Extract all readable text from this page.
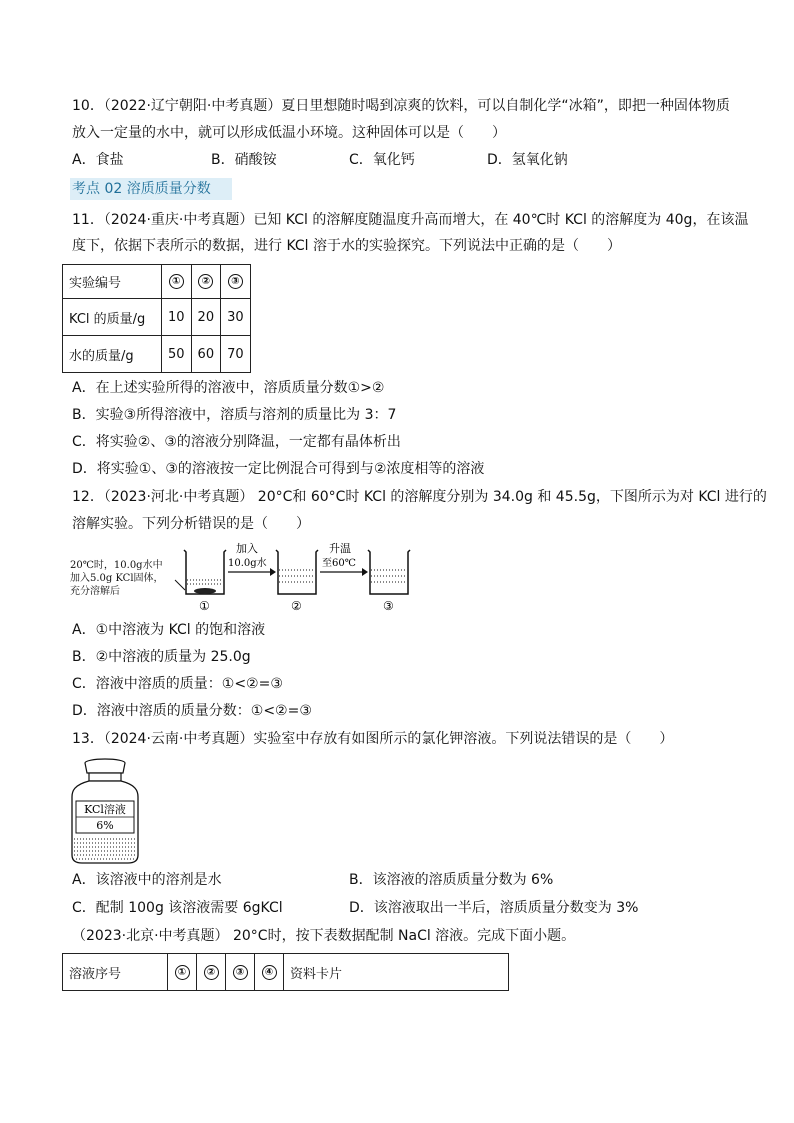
10．（2022·辽宁朝阳·中考真题）夏日里想随时喝到凉爽的饮料，可以自制化学“冰箱”，即把一种固体物质
放入一定量的水中，就可以形成低温小环境。这种固体可以是（　　）
A．食盐	B．硝酸铵	C．氧化钙	D．氢氧化钠
考点 02 溶质质量分数
11．（2024·重庆·中考真题）已知 KCl 的溶解度随温度升高而增大，在 40℃时 KCl 的溶解度为 40g，在该温
度下，依据下表所示的数据，进行 KCl 溶于水的实验探究。下列说法中正确的是（　　）
实验编号	①	②	③
KCl 的质量/g	10	20	30
水的质量/g	50	60	70
A．在上述实验所得的溶液中，溶质质量分数①>②
B．实验③所得溶液中，溶质与溶剂的质量比为 3：7
C．将实验②、③的溶液分别降温，一定都有晶体析出
D．将实验①、③的溶液按一定比例混合可得到与②浓度相等的溶液
12．（2023·河北·中考真题） 20°C和 60°C时 KCl 的溶解度分别为 34.0g 和 45.5g，下图所示为对 KCl 进行的
溶解实验。下列分析错误的是（　　）
20℃时，10.0g水中
加入5.0g KCl固体，
充分溶解后
①
加入
10.0g水
②
升温
至60℃
③
A．①中溶液为 KCl 的饱和溶液
B．②中溶液的质量为 25.0g
C．溶液中溶质的质量：①<②=③
D．溶液中溶质的质量分数：①<②=③
13．（2024·云南·中考真题）实验室中存放有如图所示的氯化钾溶液。下列说法错误的是（　　）
KCl溶液
6%
A．该溶液中的溶剂是水	B．该溶液的溶质质量分数为 6%
C．配制 100g 该溶液需要 6gKCl	D．该溶液取出一半后，溶质质量分数变为 3%
（2023·北京·中考真题） 20°C时，按下表数据配制 NaCl 溶液。完成下面小题。
溶液序号	①	②	③	④	资料卡片
